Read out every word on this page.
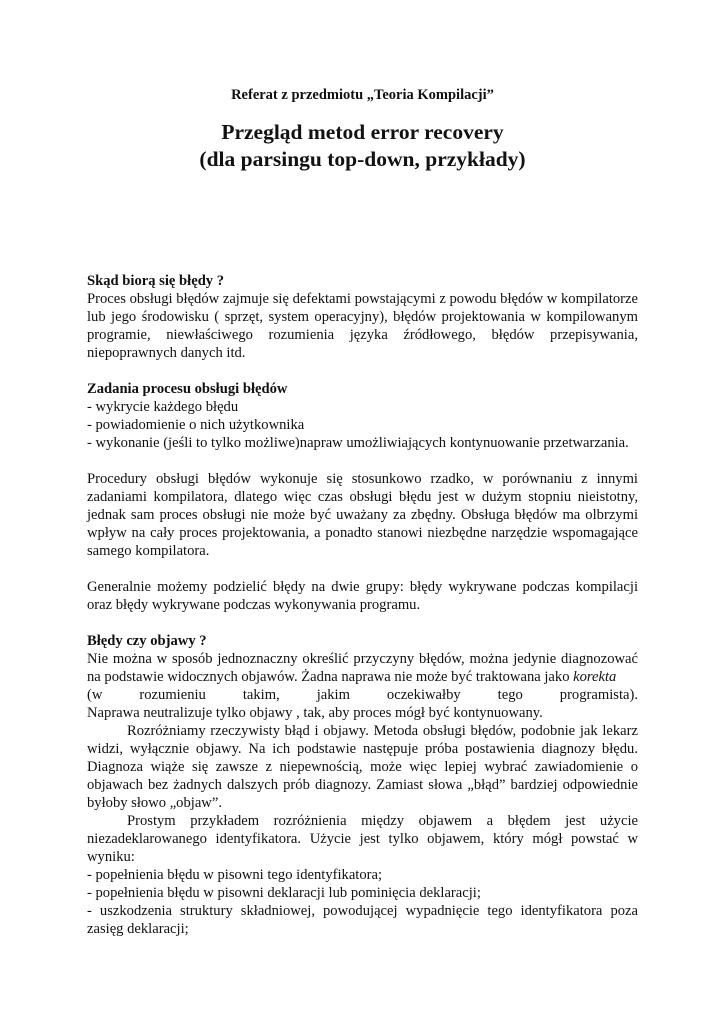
Referat z przedmiotu „Teoria Kompilacji”
Przegląd metod error recovery
(dla parsingu top-down, przykłady)

Skąd biorą się błędy ?

Proces obsługi błędów zajmuje się defektami powstającymi z powodu błędów w kompilatorze lub jego środowisku ( sprzęt, system operacyjny), błędów projektowania w kompilowanym programie, niewłaściwego rozumienia języka źródłowego, błędów przepisywania, niepoprawnych danych itd.

Zadania procesu obsługi błędów

- wykrycie każdego błędu

- powiadomienie o nich użytkownika

- wykonanie (jeśli to tylko możliwe)napraw umożliwiających kontynuowanie przetwarzania.

Procedury obsługi błędów wykonuje się stosunkowo rzadko, w porównaniu z innymi zadaniami kompilatora, dlatego więc czas obsługi błędu jest w dużym stopniu nieistotny, jednak sam proces obsługi nie może być uważany za zbędny. Obsługa błędów ma olbrzymi wpływ na cały proces projektowania, a ponadto stanowi niezbędne narzędzie wspomagające samego kompilatora.

Generalnie możemy podzielić błędy na dwie grupy: błędy wykrywane podczas kompilacji oraz błędy wykrywane podczas wykonywania programu.

Błędy czy objawy ?

Nie można w sposób jednoznaczny określić przyczyny błędów, można jedynie diagnozować na podstawie widocznych objawów. Żadna naprawa nie może być traktowana jako korekta

(w rozumieniu takim, jakim oczekiwałby tego programista).

Naprawa neutralizuje tylko objawy , tak, aby proces mógł być kontynuowany.

Rozróżniamy rzeczywisty błąd i objawy. Metoda obsługi błędów, podobnie jak lekarz widzi, wyłącznie objawy. Na ich podstawie następuje próba postawienia diagnozy błędu. Diagnoza wiąże się zawsze z niepewnością, może więc lepiej wybrać zawiadomienie o objawach bez żadnych dalszych prób diagnozy. Zamiast słowa „błąd” bardziej odpowiednie byłoby słowo „objaw”.

Prostym przykładem rozróżnienia między objawem a błędem jest użycie niezadeklarowanego identyfikatora. Użycie jest tylko objawem, który mógł powstać w wyniku:

- popełnienia błędu w pisowni tego identyfikatora;

- popełnienia błędu w pisowni deklaracji lub pominięcia deklaracji;

- uszkodzenia struktury składniowej, powodującej wypadnięcie tego identyfikatora poza zasięg deklaracji;
